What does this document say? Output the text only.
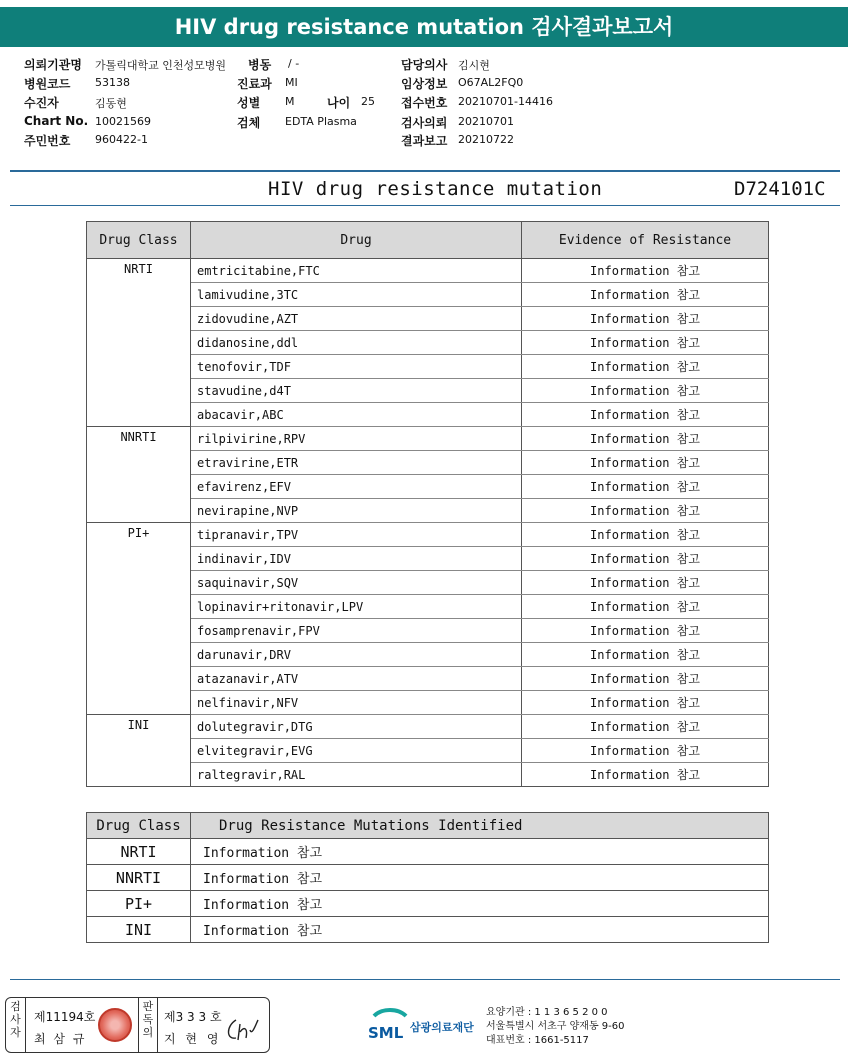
HIV drug resistance mutation 검사결과보고서
의뢰기관명 가톨릭대학교 인천성모병원
병원코드 53138
수진자	김동현
Chart No. 10021569
주민번호 960422-1
병동 / -
진료과 MI
성별 M	나이 25
검체 EDTA Plasma
담당의사 김시현
임상정보 O67AL2FQ0
접수번호 20210701-14416
검사의뢰 20210701
결과보고 20210722
HIV drug resistance mutation	D724101C
Drug Class	Drug	Evidence of Resistance
NRTI	emtricitabine,FTC	Information 참고
	lamivudine,3TC	Information 참고
	zidovudine,AZT	Information 참고
	didanosine,ddl	Information 참고
	tenofovir,TDF	Information 참고
	stavudine,d4T	Information 참고
	abacavir,ABC	Information 참고
NNRTI	rilpivirine,RPV	Information 참고
	etravirine,ETR	Information 참고
	efavirenz,EFV	Information 참고
	nevirapine,NVP	Information 참고
PI+	tipranavir,TPV	Information 참고
	indinavir,IDV	Information 참고
	saquinavir,SQV	Information 참고
	lopinavir+ritonavir,LPV	Information 참고
	fosamprenavir,FPV	Information 참고
	darunavir,DRV	Information 참고
	atazanavir,ATV	Information 참고
	nelfinavir,NFV	Information 참고
INI	dolutegravir,DTG	Information 참고
	elvitegravir,EVG	Information 참고
	raltegravir,RAL	Information 참고
Drug Class	Drug Resistance Mutations Identified
NRTI	Information 참고
NNRTI	Information 참고
PI+	Information 참고
INI	Information 참고
검사자
제11194호
최 삼 규
판독의
제3 3 3 호
지 현 영	SML 삼광의료재단
요양기관 : 1 1 3 6 5 2 0 0
서울특별시 서초구 양재동 9-60
대표번호 : 1661-5117
